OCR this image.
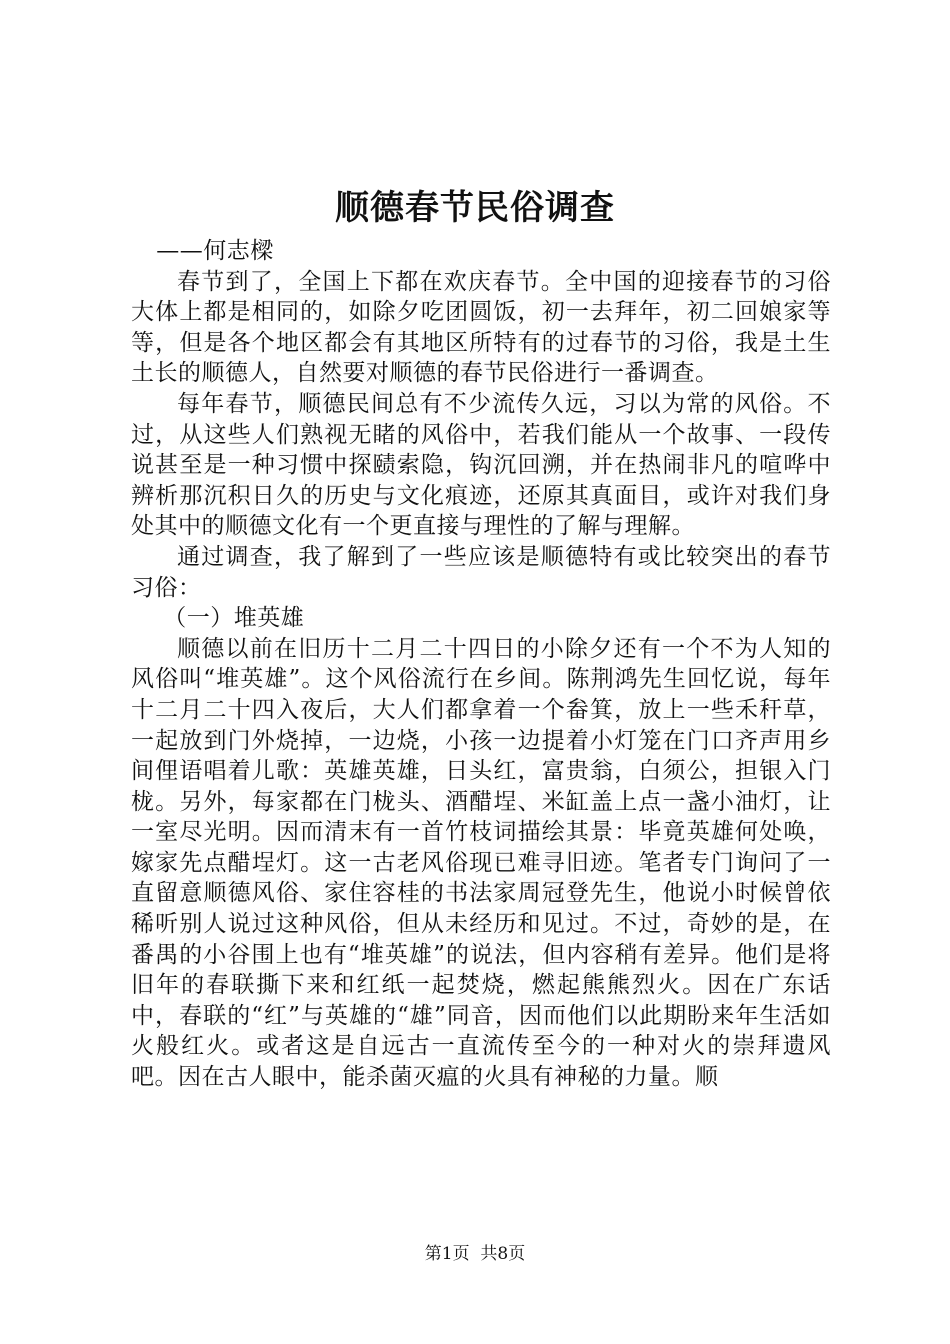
顺德春节民俗调查

——何志樑

春节到了，全国上下都在欢庆春节。全中国的迎接春节的习俗大体上都是相同的，如除夕吃团圆饭，初一去拜年，初二回娘家等等，但是各个地区都会有其地区所特有的过春节的习俗，我是土生土长的顺德人，自然要对顺德的春节民俗进行一番调查。

每年春节，顺德民间总有不少流传久远，习以为常的风俗。不过，从这些人们熟视无睹的风俗中，若我们能从一个故事、一段传说甚至是一种习惯中探赜索隐，钩沉回溯，并在热闹非凡的喧哗中辨析那沉积日久的历史与文化痕迹，还原其真面目，或许对我们身处其中的顺德文化有一个更直接与理性的了解与理解。

通过调查，我了解到了一些应该是顺德特有或比较突出的春节习俗：

（一）堆英雄

顺德以前在旧历十二月二十四日的小除夕还有一个不为人知的风俗叫“堆英雄”。这个风俗流行在乡间。陈荆鸿先生回忆说，每年十二月二十四入夜后，大人们都拿着一个畚箕，放上一些禾秆草，一起放到门外烧掉，一边烧，小孩一边提着小灯笼在门口齐声用乡间俚语唱着儿歌：英雄英雄，日头红，富贵翁，白须公，担银入门栊。另外，每家都在门栊头、酒醋埕、米缸盖上点一盏小油灯，让一室尽光明。因而清末有一首竹枝词描绘其景：毕竟英雄何处唤，嫁家先点醋埕灯。这一古老风俗现已难寻旧迹。笔者专门询问了一直留意顺德风俗、家住容桂的书法家周冠登先生，他说小时候曾依稀听别人说过这种风俗，但从未经历和见过。不过，奇妙的是，在番禺的小谷围上也有“堆英雄”的说法，但内容稍有差异。他们是将旧年的春联撕下来和红纸一起焚烧，燃起熊熊烈火。因在广东话中，春联的“红”与英雄的“雄”同音，因而他们以此期盼来年生活如火般红火。或者这是自远古一直流传至今的一种对火的崇拜遗风吧。因在古人眼中，能杀菌灭瘟的火具有神秘的力量。顺

第1页 共8页
